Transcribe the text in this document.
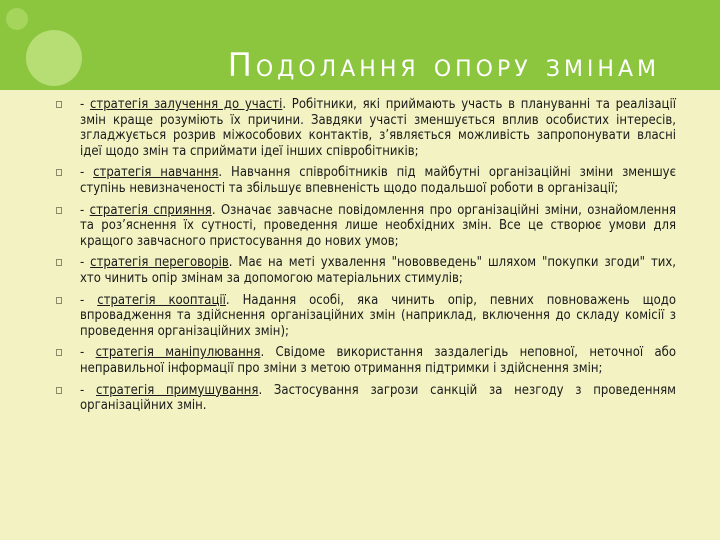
Подолання опору змінам
- стратегія залучення до участі. Робітники, які приймають участь в плануванні та реалізації змін краще розуміють їх причини. Завдяки участі зменшується вплив особистих інтересів, згладжується розрив міжособових контактів, з’являється можливість запропонувати власні ідеї щодо змін та сприймати ідеї інших співробітників;
- стратегія навчання. Навчання співробітників під майбутні організаційні зміни зменшує ступінь невизначеності та збільшує впевненість щодо подальшої роботи в організації;
- стратегія сприяння. Означає завчасне повідомлення про організаційні зміни, ознайомлення та роз’яснення їх сутності, проведення лише необхідних змін. Все це створює умови для кращого завчасного пристосування до нових умов;
- стратегія переговорів. Має на меті ухвалення "нововведень" шляхом "покупки згоди" тих, хто чинить опір змінам за допомогою матеріальних стимулів;
- стратегія кооптації. Надання особі, яка чинить опір, певних повноважень щодо впровадження та здійснення організаційних змін (наприклад, включення до складу комісії з проведення організаційних змін);
- стратегія маніпулювання. Свідоме використання заздалегідь неповної, неточної або неправильної інформації про зміни з метою отримання підтримки і здійснення змін;
- стратегія примушування. Застосування загрози санкцій за незгоду з проведенням організаційних змін.
